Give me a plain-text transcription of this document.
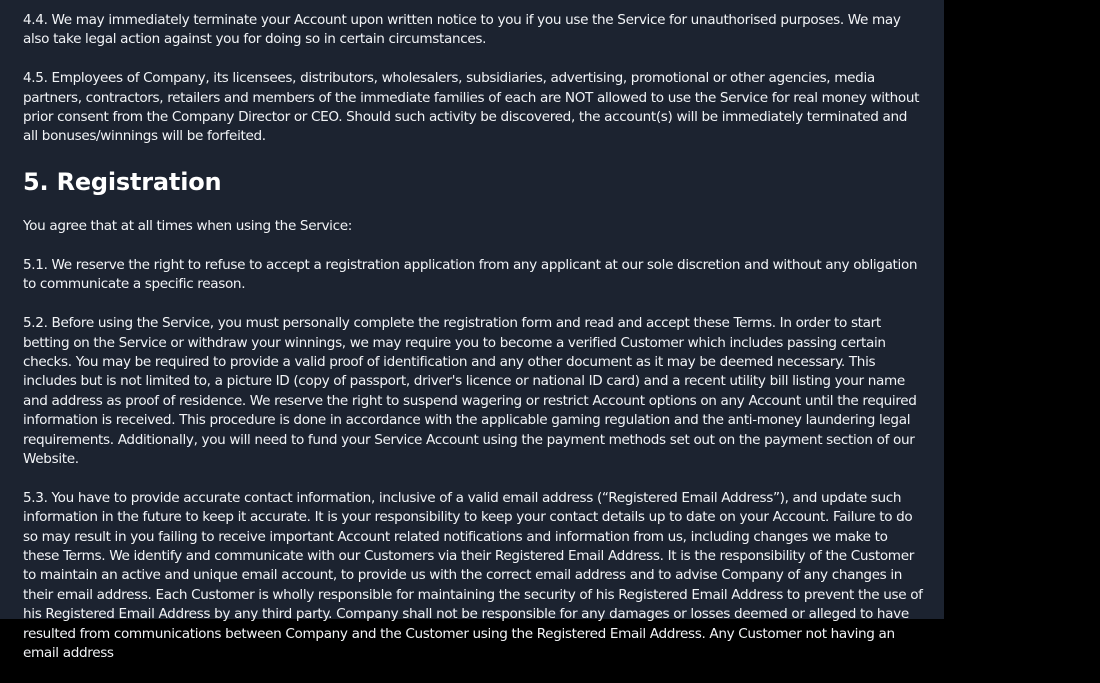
4.4. We may immediately terminate your Account upon written notice to you if you use the Service for unauthorised purposes. We may also take legal action against you for doing so in certain circumstances.

4.5. Employees of Company, its licensees, distributors, wholesalers, subsidiaries, advertising, promotional or other agencies, media partners, contractors, retailers and members of the immediate families of each are NOT allowed to use the Service for real money without prior consent from the Company Director or CEO. Should such activity be discovered, the account(s) will be immediately terminated and all bonuses/winnings will be forfeited.

5. Registration

You agree that at all times when using the Service:

5.1. We reserve the right to refuse to accept a registration application from any applicant at our sole discretion and without any obligation to communicate a specific reason.

5.2. Before using the Service, you must personally complete the registration form and read and accept these Terms. In order to start betting on the Service or withdraw your winnings, we may require you to become a verified Customer which includes passing certain checks. You may be required to provide a valid proof of identification and any other document as it may be deemed necessary. This includes but is not limited to, a picture ID (copy of passport, driver's licence or national ID card) and a recent utility bill listing your name and address as proof of residence. We reserve the right to suspend wagering or restrict Account options on any Account until the required information is received. This procedure is done in accordance with the applicable gaming regulation and the anti-money laundering legal requirements. Additionally, you will need to fund your Service Account using the payment methods set out on the payment section of our Website.

5.3. You have to provide accurate contact information, inclusive of a valid email address (“Registered Email Address”), and update such information in the future to keep it accurate. It is your responsibility to keep your contact details up to date on your Account. Failure to do so may result in you failing to receive important Account related notifications and information from us, including changes we make to these Terms. We identify and communicate with our Customers via their Registered Email Address. It is the responsibility of the Customer to maintain an active and unique email account, to provide us with the correct email address and to advise Company of any changes in their email address. Each Customer is wholly responsible for maintaining the security of his Registered Email Address to prevent the use of his Registered Email Address by any third party. Company shall not be responsible for any damages or losses deemed or alleged to have resulted from communications between Company and the Customer using the Registered Email Address. Any Customer not having an email address
